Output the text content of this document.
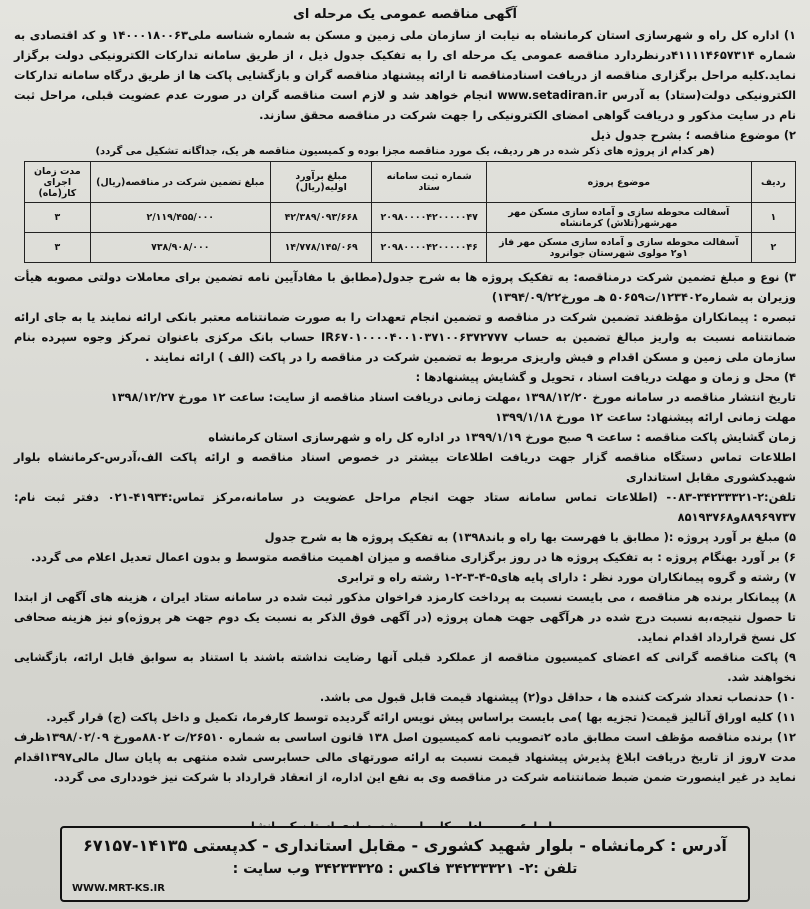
آگهی مناقصه عمومی یک مرحله ای

۱) اداره کل راه و شهرسازی استان کرمانشاه به نیابت از سازمان ملی زمین و مسکن به شماره شناسه ملی۱۴۰۰۰۱۸۰۰۶۳ و کد اقتصادی به شماره ۴۱۱۱۱۴۶۵۷۳۱۴درنظردارد مناقصه عمومی یک مرحله ای را به تفکیک جدول ذیل ، از طریق سامانه تدارکات الکترونیکی دولت برگزار نماید.کلیه مراحل برگزاری مناقصه از دریافت اسنادمناقصه تا ارائه پیشنهاد مناقصه گران و بازگشایی پاکت ها از طریق درگاه سامانه تدارکات الکترونیکی دولت(ستاد) به آدرس www.setadiran.ir انجام خواهد شد و لازم است مناقصه گران در صورت عدم عضویت قبلی، مراحل ثبت نام در سایت مذکور و دریافت گواهی امضای الکترونیکی را جهت شرکت در مناقصه محقق سازند.

۲) موضوع مناقصه ؛ بشرح جدول ذیل

(هر کدام از پروژه های ذکر شده در هر ردیف، یک مورد مناقصه مجزا بوده و کمیسیون مناقصه هر یک، جداگانه تشکیل می گردد)

ردیف	موضوع پروژه	شماره ثبت سامانه ستاد	مبلغ برآورد اولیه(ریال)	مبلغ تضمین شرکت در مناقصه(ریال)	مدت زمان اجرای کار(ماه)
۱	آسفالت محوطه سازی و آماده سازی مسکن مهر مهرشهر(تلاش) کرمانشاه	۲۰۹۸۰۰۰۰۴۲۰۰۰۰۰۴۷	۴۲/۳۸۹/۰۹۳/۶۶۸	۲/۱۱۹/۴۵۵/۰۰۰	۳
۲	آسفالت محوطه سازی و آماده سازی مسکن مهر فاز ۱و۲ مولوی شهرستان جوانرود	۲۰۹۸۰۰۰۰۴۲۰۰۰۰۰۴۶	۱۴/۷۷۸/۱۴۵/۰۶۹	۷۳۸/۹۰۸/۰۰۰	۳

۳) نوع و مبلغ تضمین شرکت درمناقصه: به تفکیک پروژه ها به شرح جدول(مطابق با مفادآیین نامه تضمین برای معاملات دولتی مصوبه هیأت وزیران به شماره۱۲۳۴۰۲/ت۵۰۶۵۹ هـ مورخ۱۳۹۴/۰۹/۲۲)

تبصره : پیمانکاران مؤظفند تضمین شرکت در مناقصه و تضمین انجام تعهدات را به صورت ضمانتنامه معتبر بانکی ارائه نمایند یا به جای ارائه ضمانتنامه نسبت به واریز مبالغ تضمین به حساب IR۶۷۰۱۰۰۰۰۴۰۰۱۰۳۷۱۰۰۶۳۷۲۷۷۷ حساب بانک مرکزی باعنوان تمرکز وجوه سپرده بنام سازمان ملی زمین و مسکن اقدام و فیش واریزی مربوط به تضمین شرکت در مناقصه را در پاکت (الف ) ارائه نمایند .

۴) محل و زمان و مهلت دریافت اسناد ، تحویل و گشایش پیشنهادها :

تاریخ انتشار مناقصه در سامانه مورخ ۱۳۹۸/۱۲/۲۰ ،مهلت زمانی دریافت اسناد مناقصه از سایت: ساعت ۱۲ مورخ ۱۳۹۸/۱۲/۲۷

مهلت زمانی ارائه پیشنهاد: ساعت ۱۲ مورخ ۱۳۹۹/۱/۱۸

زمان گشایش پاکت مناقصه : ساعت ۹ صبح مورخ ۱۳۹۹/۱/۱۹ در اداره کل راه و شهرسازی استان کرمانشاه

اطلاعات تماس دستگاه مناقصه گزار جهت دریافت اطلاعات بیشتر در خصوص اسناد مناقصه و ارائه پاکت الف،آدرس-کرمانشاه بلوار شهیدکشوری مقابل استانداری

تلفن:۲-۳۴۲۳۳۳۲۱-۰۸۳- (اطلاعات تماس سامانه ستاد جهت انجام مراحل عضویت در سامانه،مرکز تماس:۴۱۹۳۴-۰۲۱ دفتر ثبت نام: ۸۸۹۶۹۷۳۷و۸۵۱۹۳۷۶۸

۵) مبلغ بر آورد پروژه :( مطابق با فهرست بها راه و باند۱۳۹۸) به تفکیک پروژه ها به شرح جدول

۶) بر آورد بهنگام پروژه : به تفکیک پروژه ها در روز برگزاری مناقصه و میزان اهمیت مناقصه متوسط و بدون اعمال تعدیل اعلام می گردد.

۷) رشته و گروه پیمانکاران مورد نظر : دارای پایه های۵-۴-۳-۲-۱ رشته راه و ترابری

۸) پیمانکار برنده هر مناقصه ، می بایست نسبت به پرداخت کارمزد فراخوان مذکور ثبت شده در سامانه ستاد ایران ، هزینه های آگهی از ابتدا تا حصول نتیجه،به نسبت درج شده در هرآگهی جهت همان پروژه (در آگهی فوق الذکر به نسبت یک دوم جهت هر پروژه)و نیز هزینه صحافی کل نسخ قرارداد اقدام نماید.

۹) پاکت مناقصه گرانی که اعضای کمیسیون مناقصه از عملکرد قبلی آنها رضایت نداشته باشند با استناد به سوابق قابل ارائه، بازگشایی نخواهند شد.

۱۰) حدنصاب تعداد شرکت کننده ها ، حداقل دو(۲) پیشنهاد قیمت قابل قبول می باشد.

۱۱) کلیه اوراق آنالیز قیمت( تجزیه بها )می بایست براساس پیش نویس ارائه گردیده توسط کارفرما، تکمیل و داخل پاکت (ج) قرار گیرد.

۱۲) برنده مناقصه مؤظف است مطابق ماده ۲تصویب نامه کمیسیون اصل ۱۳۸ قانون اساسی به شماره ۲۶۵۱۰/ت ۸۸۰۲مورخ ۱۳۹۸/۰۲/۰۹ظرف مدت ۷روز از تاریخ دریافت ابلاغ پذیرش پیشنهاد قیمت نسبت به ارائه صورتهای مالی حسابرسی شده منتهی به پایان سال مالی۱۳۹۷اقدام نماید در غیر اینصورت ضمن ضبط ضمانتنامه شرکت در مناقصه وی به نفع این اداره، از انعقاد قرارداد با شرکت نیز خودداری می گردد.

آدرس : کرمانشاه - بلوار شهید کشوری - مقابل استانداری - کدپستی ۱۴۱۳۵-۶۷۱۵۷
تلفن :۲- ۳۴۲۳۳۳۲۱ فاکس : ۳۴۲۳۳۳۲۵ وب سایت :
WWW.MRT-KS.IR
